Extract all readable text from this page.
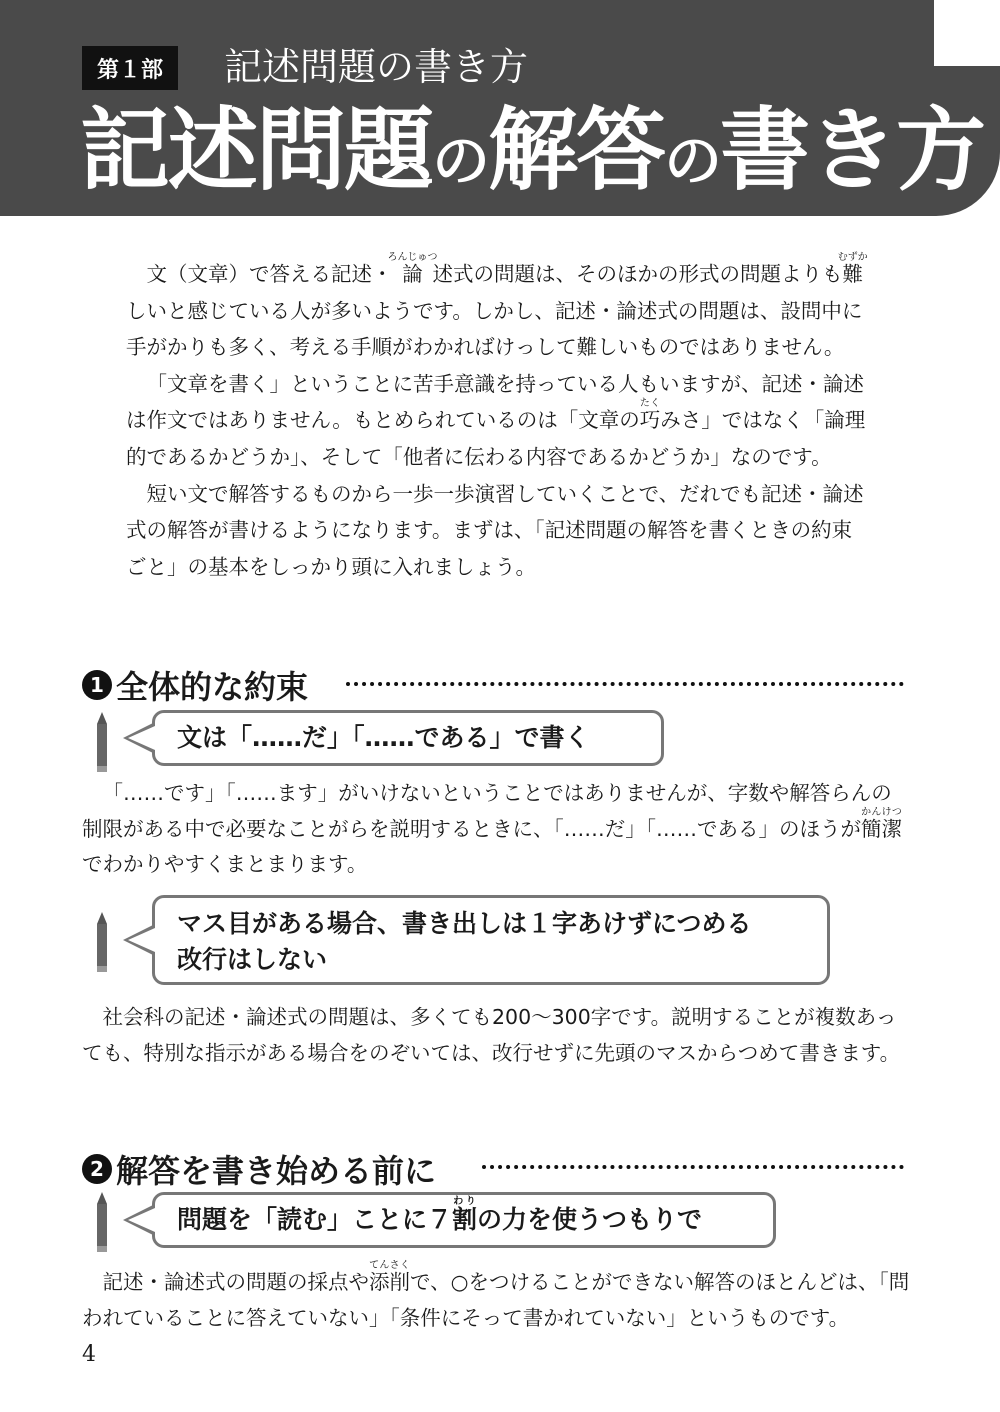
第１部	記述問題の書き方
記述問題の解答の書き方

文（文章）で答える記述・論ろんじゅつ述式の問題は、そのほかの形式の問題よりも難むずかしいと感じている人が多いようです。しかし、記述・論述式の問題は、設問中に手がかりも多く、考える手順がわかればけっして難しいものではありません。

「文章を書く」ということに苦手意識を持っている人もいますが、記述・論述は作文ではありません。もとめられているのは「文章の巧たくみさ」ではなく「論理的であるかどうか」、そして「他者に伝わる内容であるかどうか」なのです。

短い文で解答するものから一歩一歩演習していくことで、だれでも記述・論述式の解答が書けるようになります。まずは、「記述問題の解答を書くときの約束ごと」の基本をしっかり頭に入れましょう。

1 全体的な約束
文は「……だ」「……である」で書く

「……です」「……ます」がいけないということではありませんが、字数や解答らんの制限がある中で必要なことがらを説明するときに、「……だ」「……である」のほうが簡潔かんけつでわかりやすくまとまります。

マス目がある場合、書き出しは１字あけずにつめる
改行はしない

社会科の記述・論述式の問題は、多くても200〜300字です。説明することが複数あっても、特別な指示がある場合をのぞいては、改行せずに先頭のマスからつめて書きます。

2 解答を書き始める前に
問題を「読む」ことに７割わりの力を使うつもりで

記述・論述式の問題の採点や添削てんさくで、○をつけることができない解答のほとんどは、「問われていることに答えていない」「条件にそって書かれていない」というものです。

4
